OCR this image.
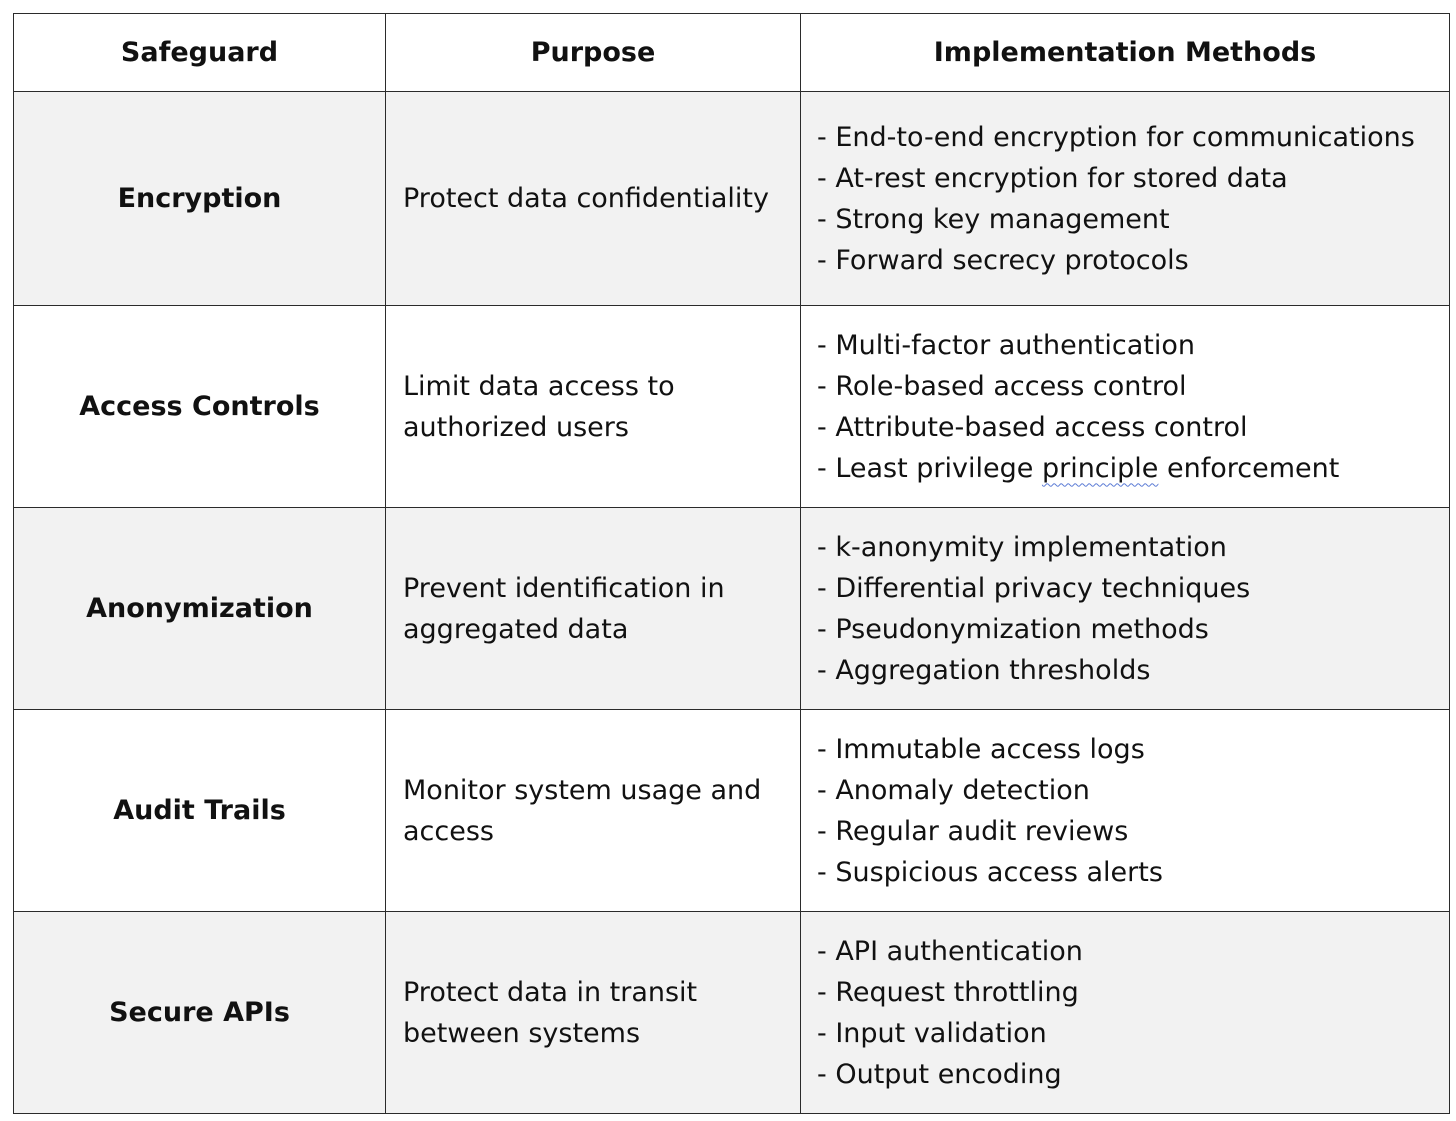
Safeguard	Purpose	Implementation Methods
Encryption	Protect data confidentiality	- End-to-end encryption for communications
- At-rest encryption for stored data
- Strong key management
- Forward secrecy protocols

Access Controls	Limit data access to authorized users	- Multi-factor authentication
- Role-based access control
- Attribute-based access control
- Least privilege principle enforcement

Anonymization	Prevent identification in aggregated data	- k-anonymity implementation
- Differential privacy techniques
- Pseudonymization methods
- Aggregation thresholds

Audit Trails	Monitor system usage and access	- Immutable access logs
- Anomaly detection
- Regular audit reviews
- Suspicious access alerts

Secure APIs	Protect data in transit between systems	- API authentication
- Request throttling
- Input validation
- Output encoding
